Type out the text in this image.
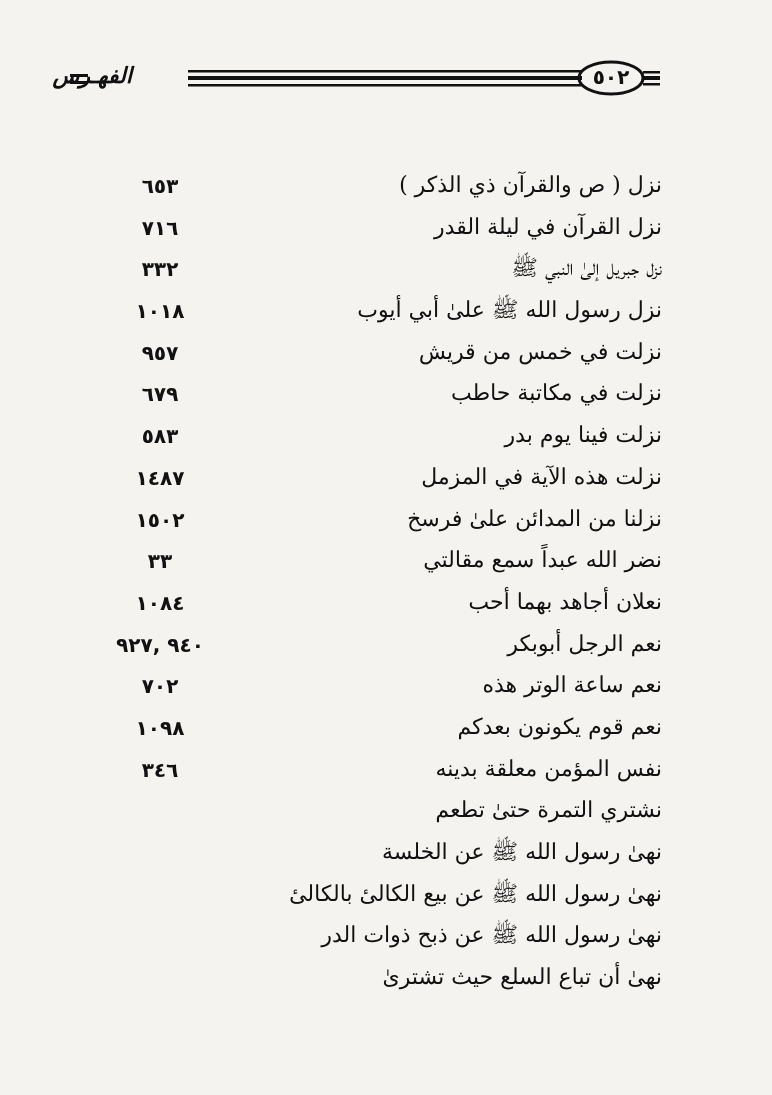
الفهـرس	٥٠٢
نزل ( ص والقرآن ذي الذكر )
٦٥٣
نزل القرآن في ليلة القدر
٧١٦
نزل جبريل إلىٰ النبي ﷺ
٣٣٢
نزل رسول الله ﷺ علىٰ أبي أيوب
١٠١٨
نزلت في خمس من قريش
٩٥٧
نزلت في مكاتبة حاطب
٦٧٩
نزلت فينا يوم بدر
٥٨٣
نزلت هذه الآية في المزمل
١٤٨٧
نزلنا من المدائن علىٰ فرسخ
١٥٠٢
نضر الله عبداً سمع مقالتي
٣٣
نعلان أجاهد بهما أحب
١٠٨٤
نعم الرجل أبوبكر
٩٤٠ ,٩٢٧
نعم ساعة الوتر هذه
٧٠٢
نعم قوم يكونون بعدكم
١٠٩٨
نفس المؤمن معلقة بدينه
٣٤٦
نشتري التمرة حتىٰ تطعم
نهىٰ رسول الله ﷺ عن الخلسة
نهىٰ رسول الله ﷺ عن بيع الكالىٔ بالكالىٔ
نهىٰ رسول الله ﷺ عن ذبح ذوات الدر
نهىٰ أن تباع السلع حيث تشترىٰ
